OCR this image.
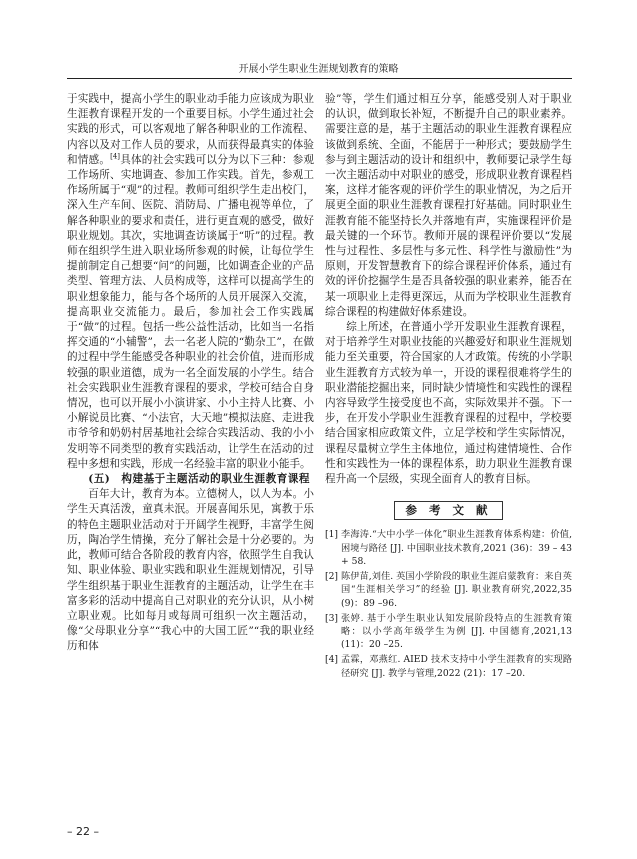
开展小学生职业生涯规划教育的策略

于实践中，提高小学生的职业动手能力应该成为职业生涯教育课程开发的一个重要目标。小学生通过社会实践的形式，可以客观地了解各种职业的工作流程、内容以及对工作人员的要求，从而获得最真实的体验和情感。[4]具体的社会实践可以分为以下三种：参观工作场所、实地调查、参加工作实践。首先，参观工作场所属于“观”的过程。教师可组织学生走出校门，深入生产车间、医院、消防局、广播电视等单位，了解各种职业的要求和责任，进行更直观的感受，做好职业规划。其次，实地调查访谈属于“听”的过程。教师在组织学生进入职业场所参观的时候，让每位学生提前制定自己想要“问”的问题，比如调查企业的产品类型、管理方法、人员构成等，这样可以提高学生的职业想象能力，能与各个场所的人员开展深入交流，提高职业交流能力。最后，参加社会工作实践属于“做”的过程。包括一些公益性活动，比如当一名指挥交通的“小辅警”，去一名老人院的“勤杂工”，在做的过程中学生能感受各种职业的社会价值，进而形成较强的职业道德，成为一名全面发展的小学生。结合社会实践职业生涯教育课程的要求，学校可结合自身情况，也可以开展小小演讲家、小小主持人比赛、小小解说员比赛、“小法官，大天地”模拟法庭、走进我市爷爷和奶奶村居基地社会综合实践活动、我的小小发明等不同类型的教育实践活动，让学生在活动的过程中多想和实践，形成一名经验丰富的职业小能手。

(五)　构建基于主题活动的职业生涯教育课程

百年大计，教育为本。立德树人，以人为本。小学生天真活泼，童真未泯。开展喜闻乐见，寓教于乐的特色主题职业活动对于开阔学生视野，丰富学生阅历，陶冶学生情操，充分了解社会是十分必要的。为此，教师可结合各阶段的教育内容，依照学生自我认知、职业体验、职业实践和职业生涯规划情况，引导学生组织基于职业生涯教育的主题活动，让学生在丰富多彩的活动中提高自己对职业的充分认识，从小树立职业观。比如每月或每周可组织一次主题活动，像“父母职业分享”“我心中的大国工匠”“我的职业经历和体

验”等，学生们通过相互分享，能感受别人对于职业的认识，做到取长补短，不断提升自己的职业素养。需要注意的是，基于主题活动的职业生涯教育课程应该做到系统、全面，不能居于一种形式；要鼓励学生参与到主题活动的设计和组织中，教师要记录学生每一次主题活动中对职业的感受，形成职业教育课程档案，这样才能客观的评价学生的职业情况，为之后开展更全面的职业生涯教育课程打好基础。同时职业生涯教育能不能坚持长久并落地有声，实施课程评价是最关键的一个环节。教师开展的课程评价要以“发展性与过程性、多层性与多元性、科学性与激励性”为原则，开发智慧教育下的综合课程评价体系，通过有效的评价挖掘学生是否具备较强的职业素养，能否在某一项职业上走得更深远，从而为学校职业生涯教育综合课程的构建做好体系建设。

综上所述，在普通小学开发职业生涯教育课程，对于培养学生对职业技能的兴趣爱好和职业生涯规划能力至关重要，符合国家的人才政策。传统的小学职业生涯教育方式较为单一，开设的课程很难将学生的职业潜能挖掘出来，同时缺少情境性和实践性的课程内容导致学生接受度也不高，实际效果并不强。下一步，在开发小学职业生涯教育课程的过程中，学校要结合国家相应政策文件，立足学校和学生实际情况，课程尽量树立学生主体地位，通过构建情境性、合作性和实践性为一体的课程体系，助力职业生涯教育课程升高一个层级，实现全面育人的教育目标。

参 考 文 献
[1] 李海涛.“大中小学一体化”职业生涯教育体系构建：价值,困境与路径 [J]. 中国职业技术教育,2021 (36)：39 – 43 + 58.
[2] 陈伊苗,刘佳. 英国小学阶段的职业生涯启蒙教育：来自英国“生涯相关学习”的经验 [J]. 职业教育研究,2022,35 (9)：89 –96.
[3] 张婷. 基于小学生职业认知发展阶段特点的生涯教育策略：以小学高年级学生为例 [J]. 中国德育,2021,13 (11)：20 –25.
[4] 孟霖，邓燕红. AIED 技术支持中小学生涯教育的实现路径研究 [J]. 教学与管理,2022 (21)：17 –20.
– 22 –
